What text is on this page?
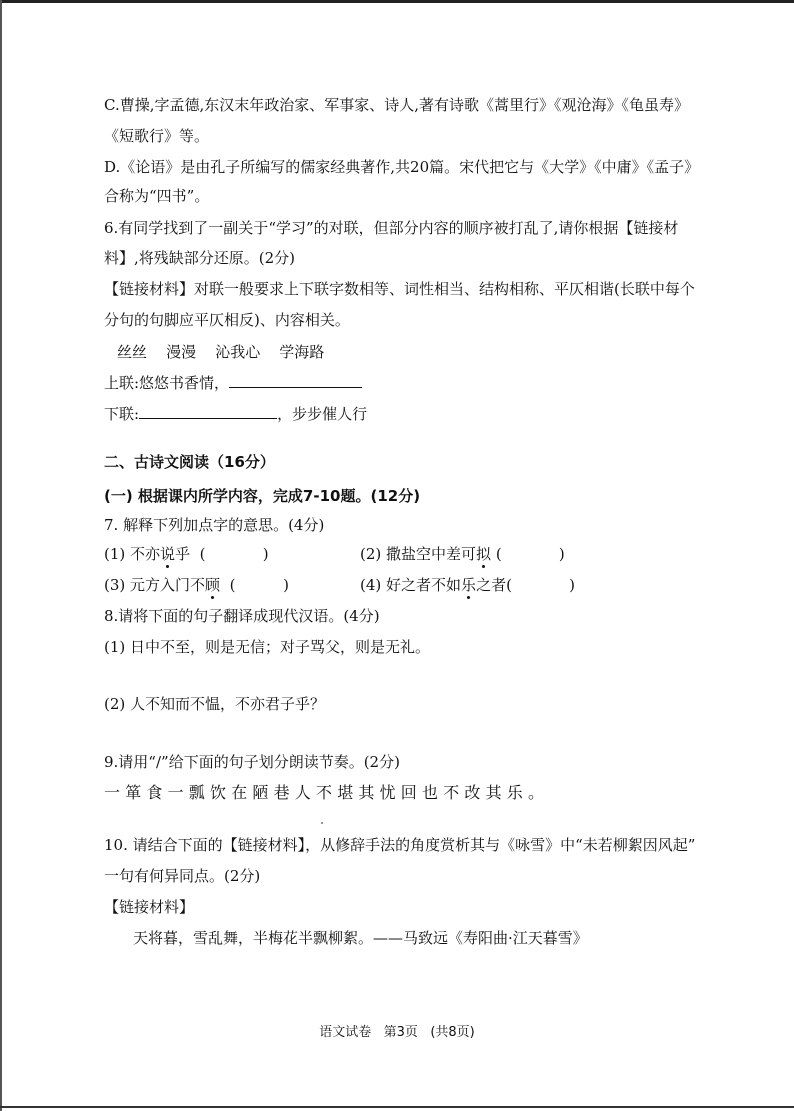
C.曹操,字孟德,东汉末年政治家、军事家、诗人,著有诗歌《蒿里行》《观沧海》《龟虽寿》
《短歌行》等。
D.《论语》是由孔子所编写的儒家经典著作,共20篇。宋代把它与《大学》《中庸》《孟子》
合称为“四书”。
6.有同学找到了一副关于“学习”的对联，但部分内容的顺序被打乱了,请你根据【链接材
料】,将残缺部分还原。(2分)
【链接材料】对联一般要求上下联字数相等、词性相当、结构相称、平仄相谐(长联中每个
分句的句脚应平仄相反)、内容相关。
丝丝 漫漫 沁我心 学海路
上联:悠悠书香情，
下联:	，步步催人行
二、古诗文阅读（16分）
(一) 根据课内所学内容，完成7-10题。(12分)
7. 解释下列加点字的意思。(4分)
(1) 不亦说乎 (            )	(2) 撒盐空中差可拟 (            )
(3) 元方入门不顾 (          )	(4) 好之者不如乐之者(            )
8.请将下面的句子翻译成现代汉语。(4分)
(1) 日中不至，则是无信；对子骂父，则是无礼。
(2) 人不知而不愠，不亦君子乎？
9.请用“/”给下面的句子划分朗读节奏。(2分)
一箪食一瓢饮在陋巷人不堪其忧回也不改其乐。
10. 请结合下面的【链接材料】，从修辞手法的角度赏析其与《咏雪》中“未若柳絮因风起”
一句有何异同点。(2分)
【链接材料】
天将暮，雪乱舞，半梅花半飘柳絮。——马致远《寿阳曲·江天暮雪》
语文试卷   第3页   (共8页)
